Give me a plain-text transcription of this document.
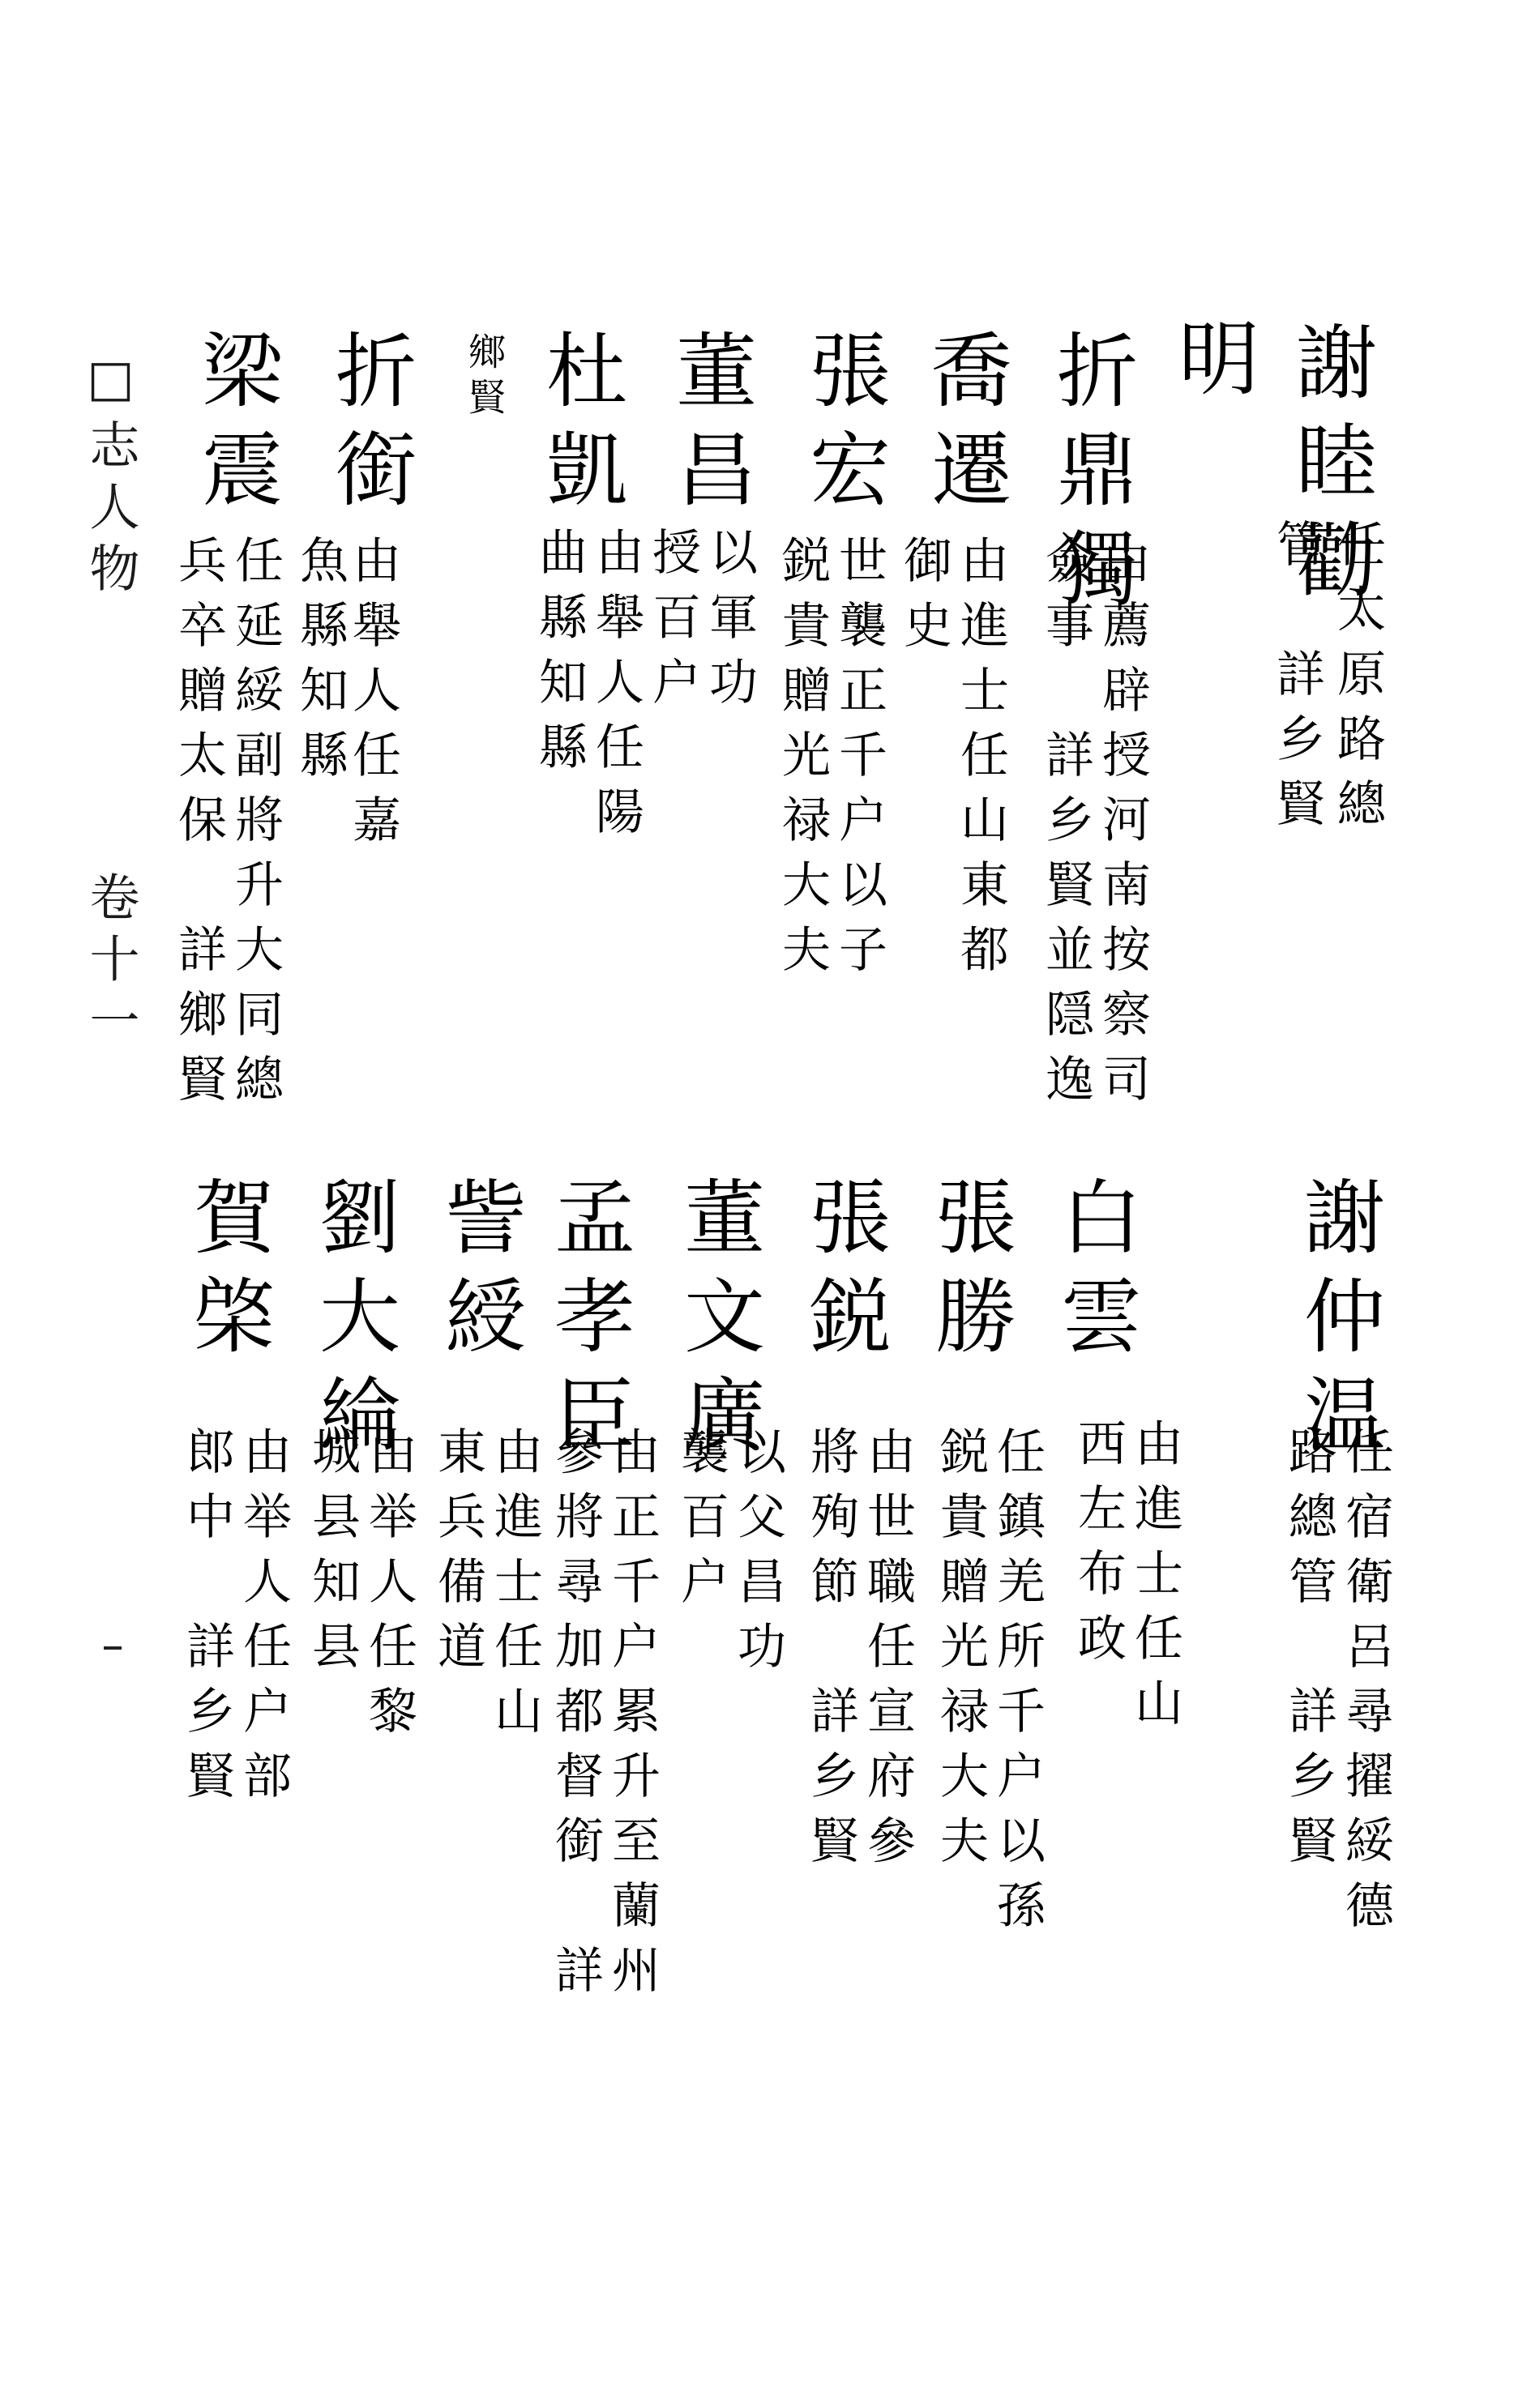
謝睦勸
任太原路總
管　詳乡賢
明
折鼎獨
由薦辟授河南按察司
僉事　詳乡賢並隠逸
喬遷
由進士任山東都
御史
張宏
世襲正千户以子
鋭貴贈光禄大夫
董昌
以軍功
授百户
杜凱
由舉人任陽
曲縣知縣
鄉賢
折銜
由舉人任嘉
魚縣知縣
梁震
任延綏副將升大同總
兵卒贈太保　詳鄉賢
謝仲温
任宿衛呂尋擢綏德
路總管　詳乡賢
白雲
由進士任山
西左布政
張勝
任鎮羌所千户以孫
鋭貴贈光禄大夫
張鋭
由世職任宣府參
將殉節　詳乡賢
董文廣
以父昌功
襲百户
孟孝臣
由正千户累升至蘭州
參將尋加都督銜　詳
訾綬
由進士任山
東兵備道
劉大綸
由举人任黎
城县知县
賀棨
由举人任户部
郎中　詳乡賢
□志人物
卷十一
